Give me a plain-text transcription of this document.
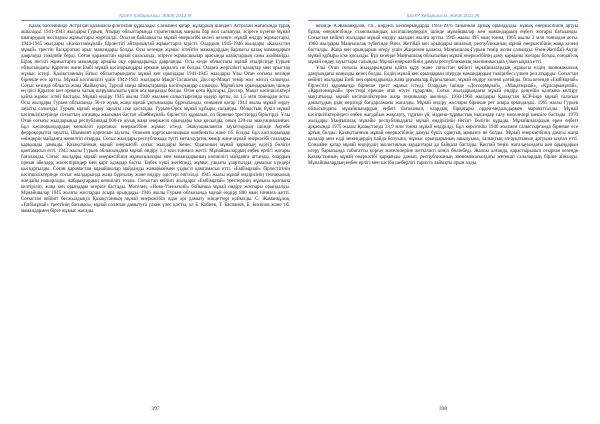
ҚазҰУ Хабаршысы. ЖЖЖ 2013 Ж

Қазақ бассейнінде Астрахан қалашасы флотилия құрылады. Сонымен қатар, Бұлардың ішіндегі Астрахан жағасында тұрақ ашылады. 1941-1943 жылдары Гурьев, Атырау облыстарында стратегиялық маңызы бар жол салынуда, әсіресе күзетке мұнай шығарудың жоспарлы жұмыстары жүргізілді. Осыған байланысты мұнай өнеркәсібі келесі кезеңге: мұнай өндіру жұмыстары, 1944-1945 жылдары «Казахтанмұнай» Бірлестігі айтарлықтай жұмыстарға кірісті. Олардың 1945-1946 жылдары «Казахстан мұнай» трестін басқаратын орыс мамандары болды. Осы кезеңде жұмыс істейтін мамандардың барлығы қазақ мамандарын даярлауда тәжірибе берді. Соған қарамастан мұнай саласында, әсіресе жұмысшылар арасында қазақтардың саны азаймайды. Бірақ негізгі жұмыстарға мамандар арнайы оқу орындарында даярланды. Осы кезде облыстағы мұнай өндірісінде Гурьев облысындағы Қаратон және Ембі мұнай кәсіпорындары ерекше ықпалға ие болды. Оларға жергілікті қазақтар мен орыстар жұмыс істеді. Қазақстанның Батыс облыстарындағы мұнай кен орындары 1941-1945 жылдары Ұлы Отан соғысы кезінде бірнеше есе артты. Мұнай кәсіпшілігі үшін 1942-1943 жылдары Мақат-Тасшағыл, Доссор-Мақат темір жол желісі салынды. Соғыс кезінде облыста жаңа Жайықтың, Тұрғай маңы аймақтарында кәсіпорындар салынды. Мұнай кен орындарының ішінде ең ірісі Қаратон кен орнына халық шаруашылығы үшін аса маңызды болды. Оған қоса Құлсары, Доссор, Мақат кәсіпшіліктері қайта жұмыс істей бастады. Мұнай өндіру 1945 жылы 1940 жылмен салыстырғанда едәуір артты, ол 1,5 млн тоннадан асты. Осы жылдары Гурьев облысында 50-ге жуық жаңа мұнай ұңғымалары бұрғыланды, сонымен қатар 1944 жылы мұнай өңдеу зауыты салынды. Гурьев мұнай өңдеу зауыты іске қосылды. Гурьев-Орск мұнай құбыры салынды. Облыстың бүкіл мұнай кәсіпшіліктерінде соғыстың алғашқы жылынан бастап «Ембімұнай» бірлестігі құрылып, ол бірнеше тресттерді біріктірді. Ұлы Отан соғысы жылдарында республикада 600-ге жуық жаңа өнеркәсіп орындары іске қосылды, оның 220-сы эвакуацияланған. Бұл кәсіпорындардың көпшілігі қорғаныс өнеркәсібіне жұмыс істеді. Эвакуацияланған зауыттардың ішінде Ақтөбе ферроқорытпа зауыты, Шымкент қорғасын зауыты, Өскемен қорғасын-мырыш комбинаты және т.б. болды. Бұл кәсіпорындар өнімдерін майданға жөнелтіп отырды. Соғыс жылдары республикада түсті металлургия, көмір және мұнай өнеркәсібі салалары қарқынды дамыды. Қазақстанның мұнай өнеркәсібі соғыс жылдары Кеңес Одағының мұнай қорының едәуір бөлігін қамтамасыз етті. 1943 жылы Гурьев облысындағы мұнай өндіру 1,2 млн тоннаға жетті. Мұнайшылардың еңбек ерлігі жоғары бағаланды. Соғыс жылдары мұнай өнеркәсібінің жұмысшылары мен мамандарының көпшілігі майданға аттанды, олардың орнын әйелдер, жасөспірімдер мен қарт адамдар басты. Еңбек күші жетіспеді, жұмыс уақыты ұзартылды, демалыс күндері қысқартылды. Соған қарамастан мұнайшылар майданды жанармаймен үздіксіз қамтамасыз етті. «Ембімұнай» бірлестігінің кәсіпшіліктерінде соғыс жылдарында жаңа бұрғылау және өндіру әдістері енгізілді. 1945 жылы мұнай өндірісінің техникалық жағдайы нашарлады, жабдықтардың көпшілігі тозды. Соғыстан кейінгі жылдары «Ембімұнай» трестерінің жұмысы қалпына келтіріліп, жаңа кен орындары игеріле бастады. Мәселен, «Ново-Узеньский» бойынша мұнай өндіру жоспары орындалды. Мұнайшылар 1945 жылғы жоспарды асыра орындады. 1946 жылы Гурьев облысында мұнай өндіру 800 мың тоннаға жетті. Соғыстан кейінгі бесжылдықта Қазақстанның мұнай өнеркәсібін одан әрі дамыту міндеттері қойылды. С. Жаманқұлов, «Ембімұнай» трестінің басшысы, мұнай саласын дамытуға үлкен үлес қосты, ол Б. Кабиев, Т. Баспанов, Б. Бисенов және т.б. мамандармен бірге жұмыс жасады.

397
ҚазҰУ Хабаршысы. ЖЖЖ 2013 Ж

кезінде А.Жаманқұлов, т.б., көрделі кәсіпорындарда 1983-1976 тайыннан артық орындалды. Бұйық өнеркәсібінің артуы бұлақ өнеркәсібінде стансиалындық кәсіпшілерлердің ішінде мұнайшылар мен мамандардың еңбегі жоғары бағаланды. Соғыстан кейінгі жылдары мұнай өндіру жылдан жылға артты. 1945 жылы 495 мың тонна, 1965 жылы 2 млн тоннадан асты. 1960 жылдары Маңғышлақ түбегінде Өзен, Жетібай кен орындары ашылып, республиканың мұнай өнеркәсібінің жаңа кезеңі басталды. Жаңа кен орындарын игеру үшін Жаңаөзен қаласы, Маңғышлақ-Гурьев темір жолы салынды. Өзен-Жетібай-Ақтау мұнай құбыры іске қосылды. Бұл кезеңде Маңғышлақ облысының мұнай өнеркәсібінің даму қарқыны жоғары болды, сондай-ақ мұнай өңдеу зауыттары салынды. Мұнай өнеркәсібінің дамуы республиканың экономикасына үлкен ықпал етті.

Ұлы Отан соғысы жылдарындағы қайта құру және соғыстан кейінгі мұнайшылардың жұмысы елдің экономикалық дамуындағы маңызды кезең болды. Елдің мұнай кен орындарын игеруде мамандардың тәжірибесі үлкен рөл атқарды. Соғыстан кейінгі жылдары Ембі кен орындарында жаңа ұңғымалар бұрғыланып, мұнай өндіру көлемі ұлғайды. Осы кезеңде «Ембімұнай» бірлестігі құрамында бірнеше трест жұмыс істеді. Олардың ішінде «Доссормұнай», «Мақатмұнай», «Құлсарымұнай», «Қаратонмұнай» тресттері ерекше атап өтуге тұрарлық. Соғыс жылдарындағы мұнай өндіру деңгейін қалпына келтіру мақсатында мұнай кәсіпшіліктеріне жаңа техникалар әкелінді. 1950-1960 жылдары Қазақстан КСР-інде мұнай саласын дамытудың ұзақ мерзімді бағдарламасы жасалды. Мұнай өндіру жоспары бірнеше рет асыра орындалды. 1965 жылы Гурьев облысындағы мұнайшылардың еңбегі бағаланып, олардың бірқатары орден-медальдармен марапатталды. Мұнай кәсіпшіліктеріндегі еңбек жағдайын жақсарту, тұрғын үй, мәдени-тұрмыстық нысандар салу мәселелері шешіле бастады. 1970 жылдары Маңғышлақ мұнайы республикадағы мұнай өндірісінің негізгі бөлігін құрады. Мұнайшылардың ерен еңбегі арқасында 1975 жылы Қазақстанда 23,9 млн тонна мұнай өндірілді. Бұл көрсеткіш 1940 жылмен салыстырғанда бірнеше есе артық болды. Қазақстанның мұнай өнеркәсібінің дамуы бүкіл одақтық маңызға ие болды. Мұнай өнеркәсібінің дамуы жаңа қалалар мен елді мекендердің пайда болуына, жұмыс орындарының ашылуына, халықтың әл-ауқатының артуына ықпал етті. Сонымен қатар мұнай өндірудің экологиялық зардаптары да байқала бастады. Каспий теңізі жағалауындағы кен орындарын игеру барысында табиғатты қорғау мәселелеріне жеткілікті көңіл бөлінбеді. Жалпы алғанда, қарастырылып отырған кезеңде Қазақстанның мұнай өнеркәсібі қарқынды дамып, республиканың экономикасындағы жетекші салалардың біріне айналды. Мұнайшылардың еңбек ерлігі мен кәсіби шеберлігі тарихта лайықты орын алды.

398
